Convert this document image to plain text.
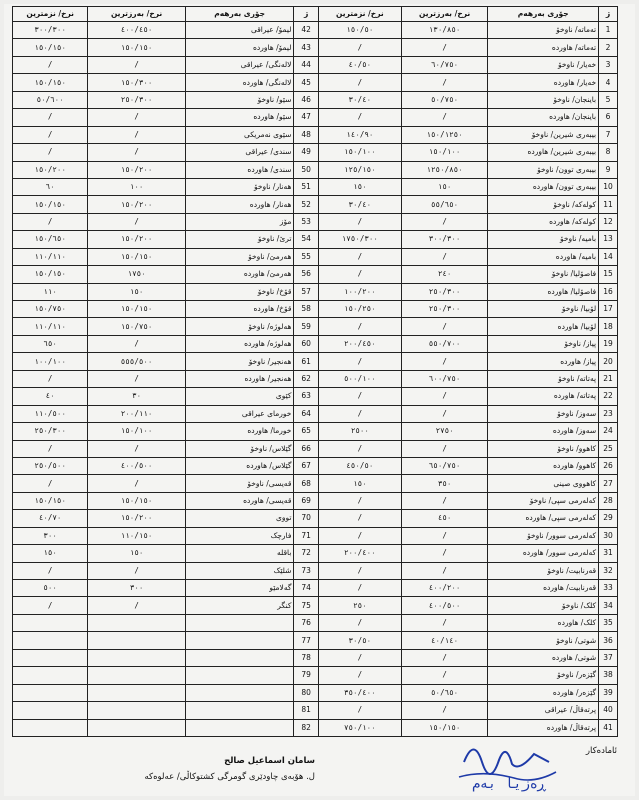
نرخ/ نزمترين	نرخ/ بەرزترين	جۆری بەرهەم	ژ	نرخ/ نزمترين	نرخ/ بەرزترين	جۆری بەرهەم	ژ
٣٠٠/٣٠٠	٤٠٠/٤٥٠	ليمۆ/ عيراقی	42	١٥٠/٥٠	١٣٠/٨٥٠	تەماتە/ ناوخۆ	1
١٥٠/١٥٠	١٥٠/١٥٠	ليمۆ/ هاوردە	43	/	/	تەماتە/ هاوردە	2
/	/	لالەنگی/ عيراقی	44	٤٠/٥٠	٦٠/٧٥٠	خەيار/ ناوخۆ	3
١٥٠/١٥٠	١٥٠/٣٠٠	لالەنگی/ هاوردە	45	/	/	خەيار/ هاوردە	4
٥٠/٦٠٠	٢٥٠/٣٠٠	سێو/ ناوخۆ	46	٣٠/٤٠	٥٠/٧٥٠	باينجان/ ناوخۆ	5
/	/	سێو/ هاوردە	47	/	/	باينجان/ هاوردە	6
/	/	سێوی نەمريکی	48	١٤٠/٩٠	١٥٠/١٢٥٠	بيبەری شيرين/ ناوخۆ	7
/	/	سندی/ عيراقی	49	١٥٠/١٠٠	١٥٠/١٠٠	بيبەری شيرين/ هاوردە	8
١٥٠/٢٠٠	١٥٠/٢٠٠	سندی/ هاوردە	50	١٢٥/١٥٠	١٢٥٠/٨٥٠	بيبەری توون/ ناوخۆ	9
٦٠	١٠٠	هەنار/ ناوخۆ	51	١٥٠	١٥٠	بيبەری توون/ هاوردە	10
١٥٠/١٥٠	١٥٠/٢٠٠	هەنار/ هاوردە	52	٣٠/٤٠	٥٥/٦٥٠	کولەکە/ ناوخۆ	11
/	/	مۆز	53	/	/	کولەکە/ هاوردە	12
١٥٠/٦٥٠	١٥٠/٢٠٠	ترێ/ ناوخۆ	54	١٧٥٠/٣٠٠	٣٠٠/٣٠٠	باميە/ ناوخۆ	13
١١٠/١١٠	١٥٠/١٥٠	هەرمێ/ ناوخۆ	55	/	/	باميە/ هاوردە	14
١٥٠/١٥٠	١٧٥٠	هەرمێ/ هاوردە	56	/	٢٤٠	فاصۆليا/ ناوخۆ	15
١١٠	١٥٠	قۆخ/ ناوخۆ	57	١٠٠/٢٠٠	٢٥٠/٣٠٠	فاصۆليا/ هاوردە	16
١٥٠/٧٥٠	١٥٠/١٥٠	قۆخ/ هاوردە	58	١٥٠/٢٥٠	٢٥٠/٣٠٠	لۆبيا/ ناوخۆ	17
١١٠/١١٠	١٥٠/٧٥٠	هەلوژە/ ناوخۆ	59	/	/	لۆبيا/ هاوردە	18
٦٥٠	/	هەلوژە/ هاوردە	60	٢٠٠/٤٥٠	٥٥٠/٧٠٠	پياز/ ناوخۆ	19
١٠٠/١٠٠	٥٥٥/٥٠٠	هەنجير/ ناوخۆ	61	/	/	پياز/ هاوردە	20
/	/	هەنجير/ هاوردە	62	٥٠٠/١٠٠	٦٠٠/٧٥٠	پەتاتە/ ناوخۆ	21
٤٠	٣٠	کێوی	63	/	/	پەتاتە/ هاوردە	22
١١٠/٥٠٠	٢٠٠/١١٠	خورمای عيراقی	64	/	/	سەوز/ ناوخۆ	23
٢٥٠/٣٠٠	١٥٠/١٠٠	خورما/ هاوردە	65	٢٥٠٠	٢٧٥٠	سەوز/ هاوردە	24
/	/	گێلاس/ ناوخۆ	66	/	/	کاهوو/ ناوخۆ	25
٢٥٠/٥٠٠	٤٠٠/٥٠٠	گێلاس/ هاوردە	67	٤٥٠/٥٠	٦٥٠/٧٥٠	کاهوو/ هاوردە	26
/	/	قەيسی/ ناوخۆ	68	١٥٠	٣٥٠	کاهووی صينی	27
١٥٠/١٥٠	١٥٠/١٥٠	قەيسی/ هاوردە	69	/	/	کەلەرمی سپی/ ناوخۆ	28
٤٠/٧٠	١٥٠/٢٠٠	تووی	70	/	٤٥٠	کەلەرمی سپی/ هاوردە	29
٣٠٠	١١٠/١٥٠	فارچک	71	/	/	کەلەرمی سوور/ ناوخۆ	30
١٥٠	١٥٠	باقلە	72	٢٠٠/٤٠٠	/	کەلەرمی سوور/ هاوردە	31
/	/	شلێک	73	/	/	قەرنابيت/ ناوخۆ	32
٥٠٠	٣٠٠	گەلامێو	74	/	٤٠٠/٢٠٠	قەرنابيت/ هاوردە	33
/	/	کنگر	75	٢٥٠	٤٠٠/٥٠٠	کلک/ ناوخۆ	34
			76	/	/	کلک/ هاوردە	35
			77	٣٠/٥٠	٤٠/١٤٠	شوتی/ ناوخۆ	36
			78	/	/	شوتی/ هاوردە	37
			79	/	/	گێزەر/ ناوخۆ	38
			80	٣٥٠/٤٠٠	٥٠/٦٥٠	گێزەر/ هاوردە	39
			81	/	/	پرتەقاڵ/ عيراقی	40
			82	٧٥٠/١٠٠	١٥٠/١٥٠	پرتەقاڵ/ هاوردە	41
ئامادەکار
سامان اسماعيل صالح
ل. هۆبەی چاودێری گومرگی کشتوکاڵی/ عەلوەکە	ڕەزیا بەم
